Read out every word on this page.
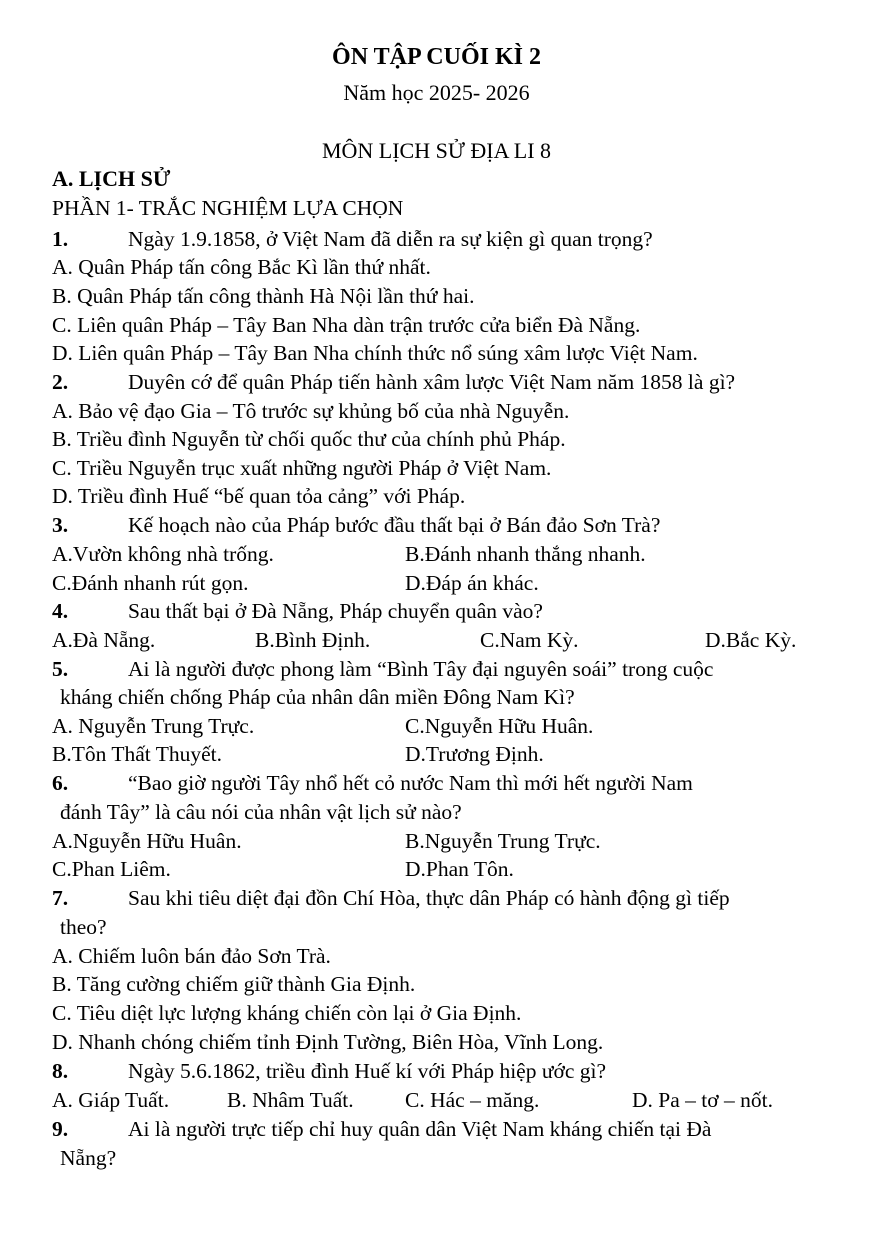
ÔN TẬP CUỐI KÌ 2
Năm học 2025- 2026
MÔN LỊCH SỬ ĐỊA LI 8
A. LỊCH SỬ
PHẦN 1- TRẮC NGHIỆM LỰA CHỌN
1.	Ngày 1.9.1858, ở Việt Nam đã diễn ra sự kiện gì quan trọng?
A. Quân Pháp tấn công Bắc Kì lần thứ nhất.
B. Quân Pháp tấn công thành Hà Nội lần thứ hai.
C. Liên quân Pháp – Tây Ban Nha dàn trận trước cửa biển Đà Nẵng.
D. Liên quân Pháp – Tây Ban Nha chính thức nổ súng xâm lược Việt Nam.
2.	Duyên cớ để quân Pháp tiến hành xâm lược Việt Nam năm 1858 là gì?
A. Bảo vệ đạo Gia – Tô trước sự khủng bố của nhà Nguyễn.
B. Triều đình Nguyễn từ chối quốc thư của chính phủ Pháp.
C. Triều Nguyễn trục xuất những người Pháp ở Việt Nam.
D. Triều đình Huế “bế quan tỏa cảng” với Pháp.
3.	Kế hoạch nào của Pháp bước đầu thất bại ở Bán đảo Sơn Trà?
A.Vườn không nhà trống.	B.Đánh nhanh thắng nhanh.
C.Đánh nhanh rút gọn.	D.Đáp án khác.
4.	Sau thất bại ở Đà Nẵng, Pháp chuyển quân vào?
A.Đà Nẵng.	B.Bình Định.	C.Nam Kỳ.	D.Bắc Kỳ.
5.	Ai là người được phong làm “Bình Tây đại nguyên soái” trong cuộc
kháng chiến chống Pháp của nhân dân miền Đông Nam Kì?
A. Nguyễn Trung Trực.	C.Nguyễn Hữu Huân.
B.Tôn Thất Thuyết.	D.Trương Định.
6.	“Bao giờ người Tây nhổ hết cỏ nước Nam thì mới hết người Nam
đánh Tây” là câu nói của nhân vật lịch sử nào?
A.Nguyễn Hữu Huân.	B.Nguyễn Trung Trực.
C.Phan Liêm.	D.Phan Tôn.
7.	Sau khi tiêu diệt đại đồn Chí Hòa, thực dân Pháp có hành động gì tiếp
theo?
A. Chiếm luôn bán đảo Sơn Trà.
B. Tăng cường chiếm giữ thành Gia Định.
C. Tiêu diệt lực lượng kháng chiến còn lại ở Gia Định.
D. Nhanh chóng chiếm tỉnh Định Tường, Biên Hòa, Vĩnh Long.
8.	Ngày 5.6.1862, triều đình Huế kí với Pháp hiệp ước gì?
A. Giáp Tuất.	B. Nhâm Tuất. C. Hác – măng.	D. Pa – tơ – nốt.
9.	Ai là người trực tiếp chỉ huy quân dân Việt Nam kháng chiến tại Đà
Nẵng?
